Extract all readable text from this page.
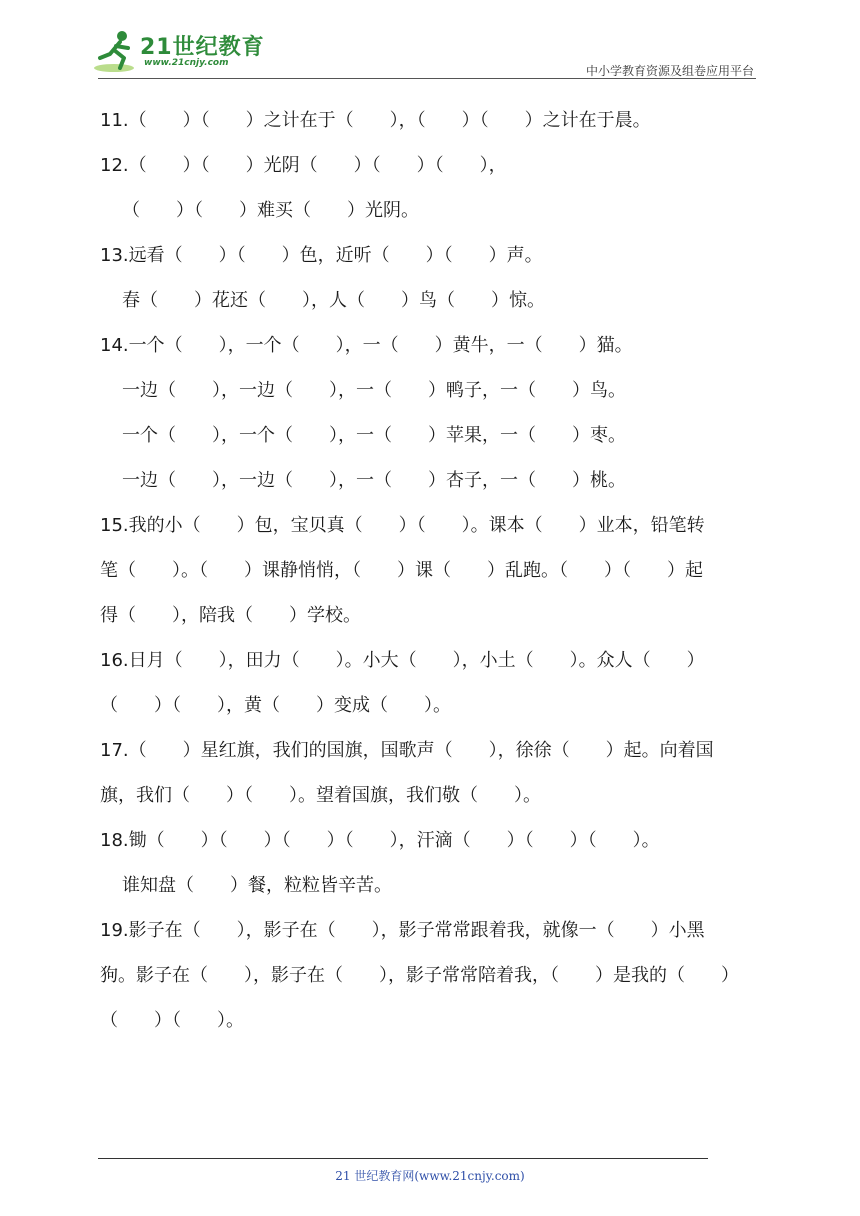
21世纪教育
www.21cnjy.com
中小学教育资源及组卷应用平台
11.（　　）（　　）之计在于（　　），（　　）（　　）之计在于晨。
12.（　　）（　　）光阴（　　）（　　）（　　），
（　　）（　　）难买（　　）光阴。
13.远看（　　）（　　）色，近听（　　）（　　）声。
春（　　）花还（　　），人（　　）鸟（　　）惊。
14.一个（　　），一个（　　），一（　　）黄牛，一（　　）猫。
一边（　　），一边（　　），一（　　）鸭子，一（　　）鸟。
一个（　　），一个（　　），一（　　）苹果，一（　　）枣。
一边（　　），一边（　　），一（　　）杏子，一（　　）桃。
15.我的小（　　）包，宝贝真（　　）（　　）。课本（　　）业本，铅笔转
笔（　　）。（　　）课静悄悄，（　　）课（　　）乱跑。（　　）（　　）起
得（　　），陪我（　　）学校。
16.日月（　　），田力（　　）。小大（　　），小土（　　）。众人（　　）
（　　）（　　），黄（　　）变成（　　）。
17.（　　）星红旗，我们的国旗，国歌声（　　），徐徐（　　）起。向着国
旗，我们（　　）（　　）。望着国旗，我们敬（　　）。
18.锄（　　）（　　）（　　）（　　），汗滴（　　）（　　）（　　）。
谁知盘（　　）餐，粒粒皆辛苦。
19.影子在（　　），影子在（　　），影子常常跟着我，就像一（　　）小黑
狗。影子在（　　），影子在（　　），影子常常陪着我，（　　）是我的（　　）
（　　）（　　）。
21 世纪教育网(www.21cnjy.com)
